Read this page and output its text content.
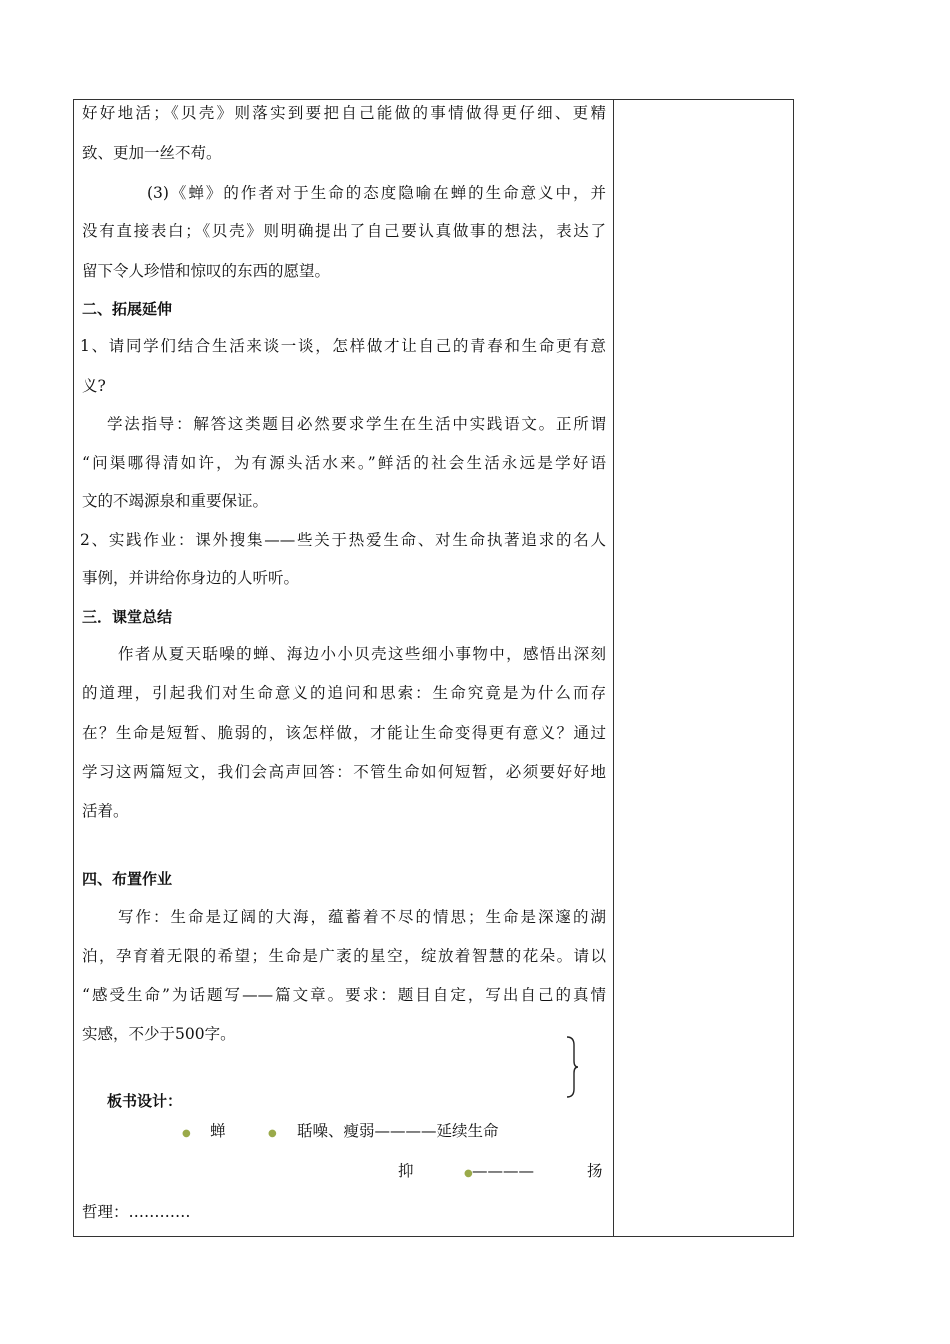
好好地活；《贝壳》则落实到要把自己能做的事情做得更仔细、更精
致、更加一丝不苟。
(3)《蝉》的作者对于生命的态度隐喻在蝉的生命意义中，并
没有直接表白；《贝壳》则明确提出了自己要认真做事的想法，表达了
留下令人珍惜和惊叹的东西的愿望。
二、拓展延伸
1、请同学们结合生活来谈一谈，怎样做才让自己的青春和生命更有意
义?
学法指导：解答这类题目必然要求学生在生活中实践语文。正所谓
“问渠哪得清如许，为有源头活水来。”鲜活的社会生活永远是学好语
文的不竭源泉和重要保证。
2、实践作业：课外搜集——些关于热爱生命、对生命执著追求的名人
事例，并讲给你身边的人听听。
三．课堂总结
作者从夏天聒噪的蝉、海边小小贝壳这些细小事物中，感悟出深刻
的道理，引起我们对生命意义的追问和思索：生命究竟是为什么而存
在？生命是短暂、脆弱的，该怎样做，才能让生命变得更有意义？通过
学习这两篇短文，我们会高声回答：不管生命如何短暂，必须要好好地
活着。
四、布置作业
写作：生命是辽阔的大海，蕴蓄着不尽的情思；生命是深邃的湖
泊，孕育着无限的希望；生命是广袤的星空，绽放着智慧的花朵。请以
“感受生命”为话题写——篇文章。要求：题目自定，写出自己的真情
实感，不少于500字。
板书设计：
●	蝉	●	聒噪、瘦弱————延续生命
抑	● ————	扬
哲理：…………
